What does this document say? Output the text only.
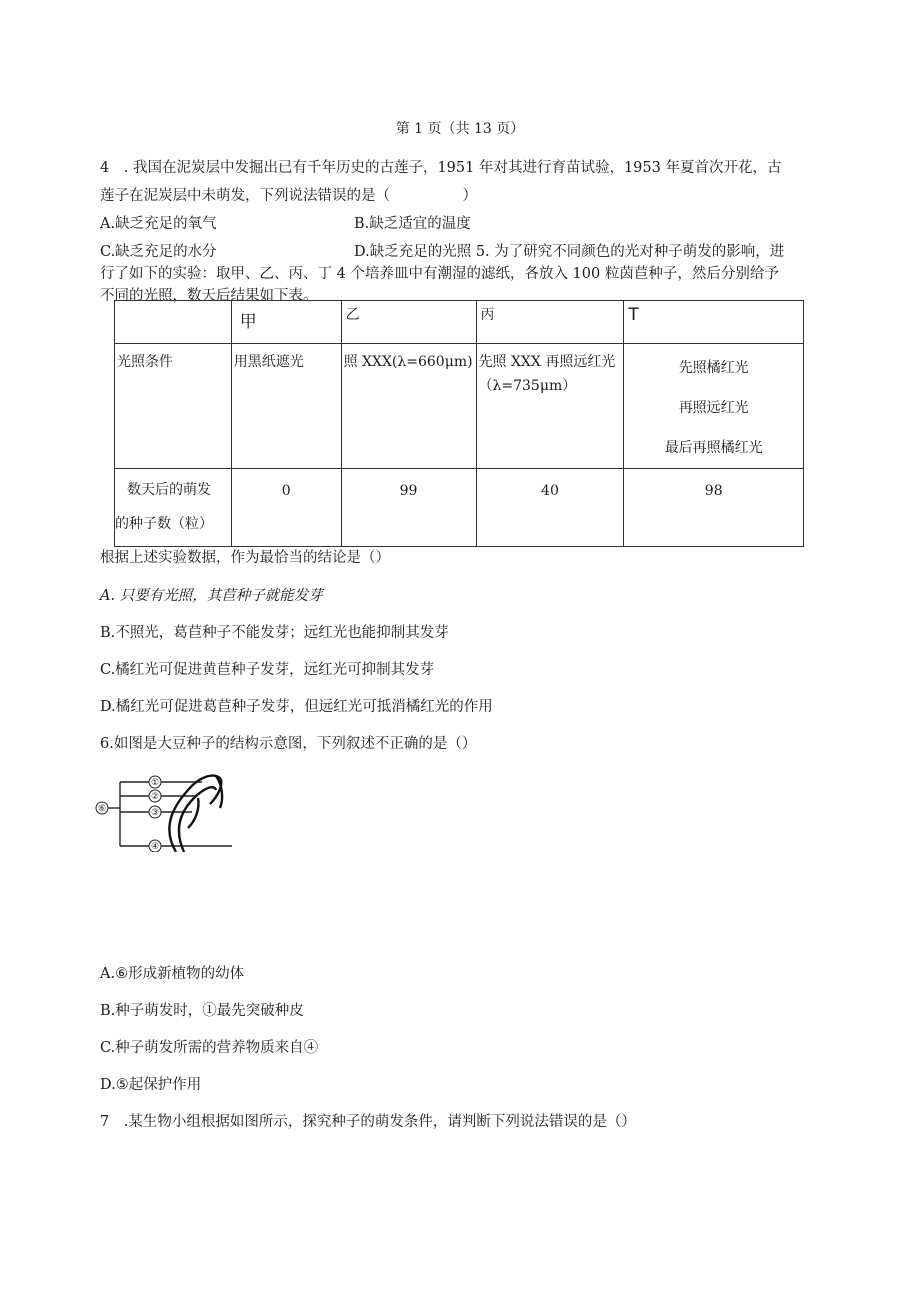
第 1 页（共 13 页）
4　. 我国在泥炭层中发掘出已有千年历史的古莲子，1951 年对其进行育苗试验，1953 年夏首次开花，古
莲子在泥炭层中未萌发，下列说法错误的是（　　　　　）
A.缺乏充足的氧气	B.缺乏适宜的温度
C.缺乏充足的水分	D.缺乏充足的光照 5. 为了研究不同颜色的光对种子萌发的影响，进
行了如下的实验：取甲、乙、丙、丁 4 个培养皿中有潮湿的滤纸，各放入 100 粒茵苣种子，然后分别给予
不同的光照，数天后结果如下表。

	甲	乙	丙	T

光照条件	用黑纸遮光	照 XXX(λ=660μm)	先照 XXX 再照远红光（λ=735μm）	先照橘红光
再照远红光
最后再照橘红光

数天后的萌发
的种子数（粒）	0	99	40	98
根据上述实验数据，作为最恰当的结论是（）
A. 只要有光照，其苣种子就能发芽
B.不照光，葛苣种子不能发芽；远红光也能抑制其发芽
C.橘红光可促进黄苣种子发芽，远红光可抑制其发芽
D.橘红光可促进葛苣种子发芽，但远红光可抵消橘红光的作用
6.如图是大豆种子的结构示意图，下列叙述不正确的是（）
①
②
③
④
⑥
A.⑥形成新植物的幼体
B.种子萌发时，①最先突破种皮
C.种子萌发所需的营养物质来自④
D.⑤起保护作用
7　.某生物小组根据如图所示，探究种子的萌发条件，请判断下列说法错误的是（）
